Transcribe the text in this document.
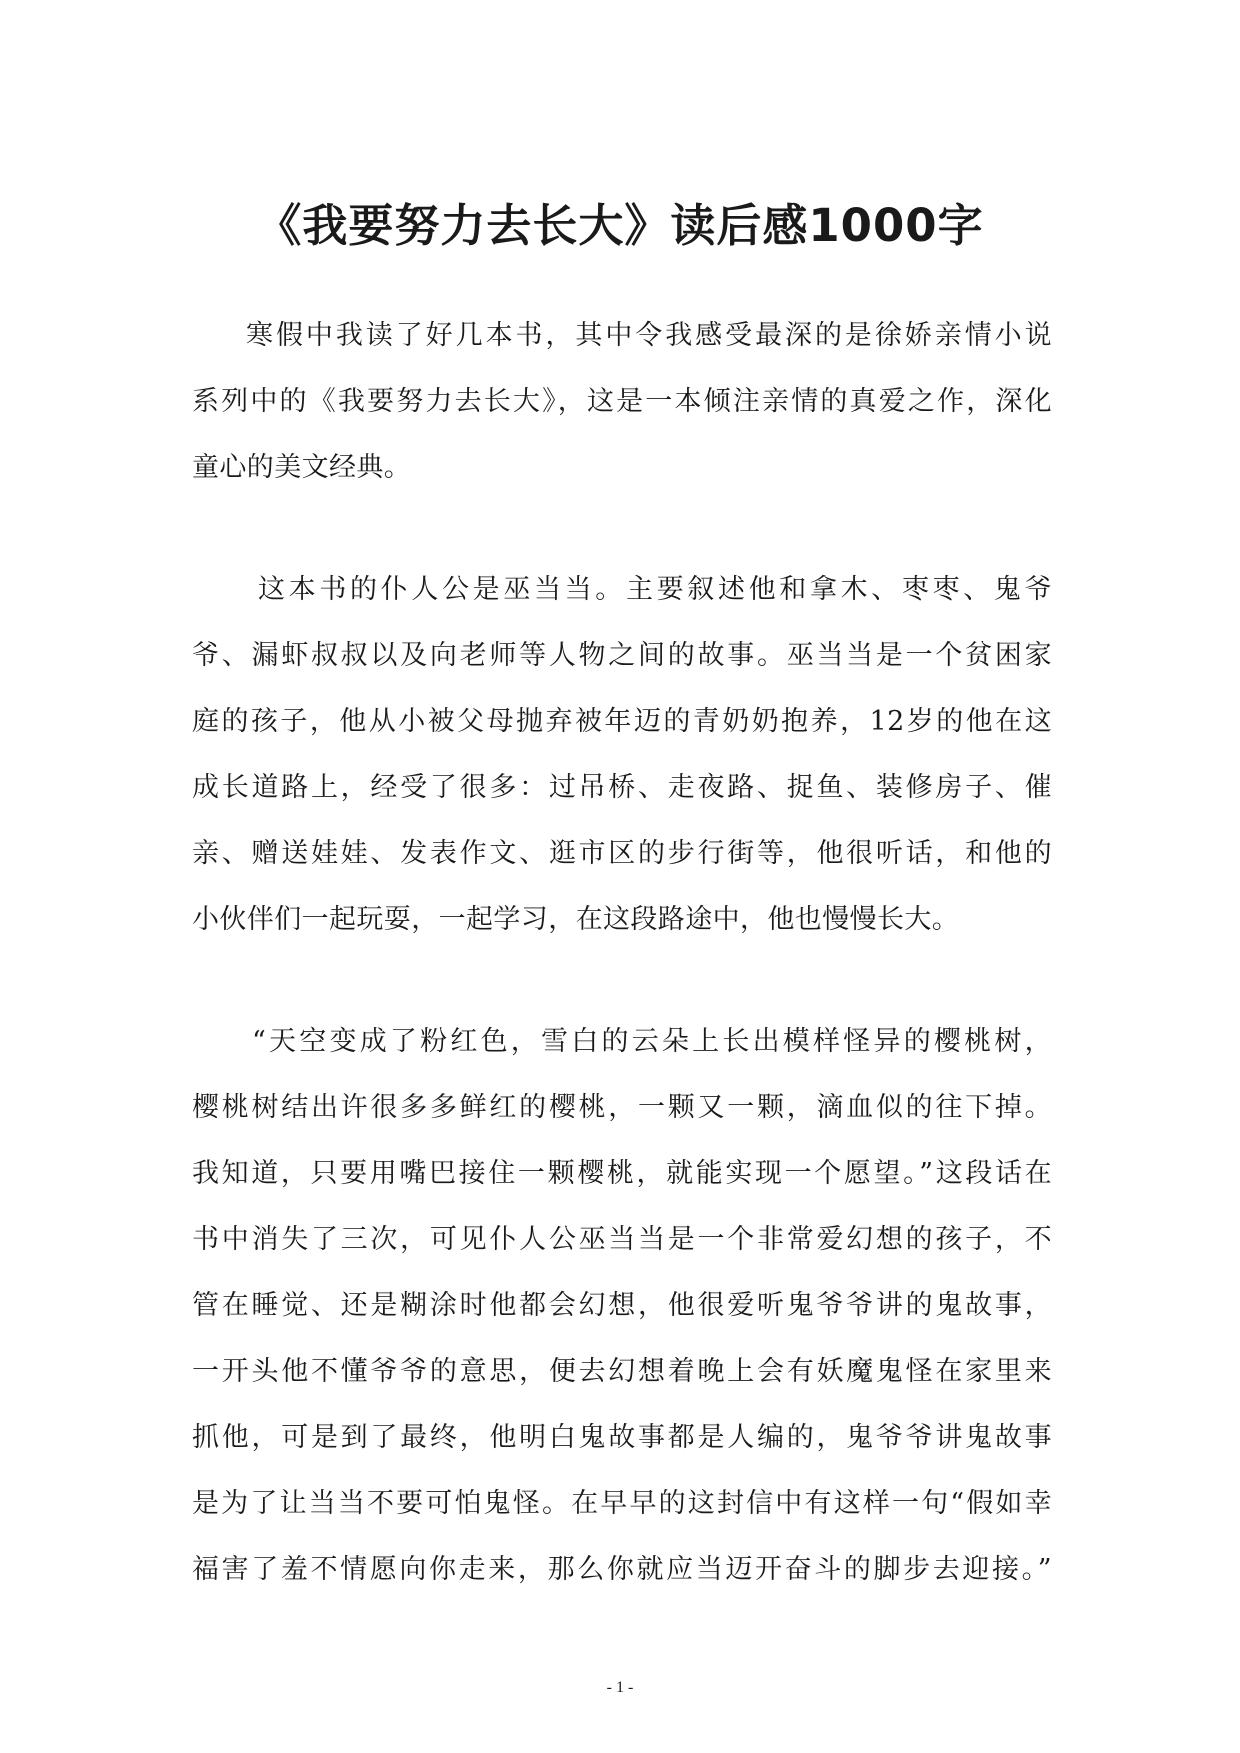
《我要努力去长大》读后感1000字

寒假中我读了好几本书，其中令我感受最深的是徐娇亲情小说
系列中的《我要努力去长大》，这是一本倾注亲情的真爱之作，深化
童心的美文经典。

这本书的仆人公是巫当当。主要叙述他和拿木、枣枣、鬼爷
爷、漏虾叔叔以及向老师等人物之间的故事。巫当当是一个贫困家
庭的孩子，他从小被父母抛弃被年迈的青奶奶抱养，12岁的他在这
成长道路上，经受了很多：过吊桥、走夜路、捉鱼、装修房子、催
亲、赠送娃娃、发表作文、逛市区的步行街等，他很听话，和他的
小伙伴们一起玩耍，一起学习，在这段路途中，他也慢慢长大。

“天空变成了粉红色，雪白的云朵上长出模样怪异的樱桃树，
樱桃树结出许很多多鲜红的樱桃，一颗又一颗，滴血似的往下掉。
我知道，只要用嘴巴接住一颗樱桃，就能实现一个愿望。”这段话在
书中消失了三次，可见仆人公巫当当是一个非常爱幻想的孩子，不
管在睡觉、还是糊涂时他都会幻想，他很爱听鬼爷爷讲的鬼故事，
一开头他不懂爷爷的意思，便去幻想着晚上会有妖魔鬼怪在家里来
抓他，可是到了最终，他明白鬼故事都是人编的，鬼爷爷讲鬼故事
是为了让当当不要可怕鬼怪。在早早的这封信中有这样一句“假如幸
福害了羞不情愿向你走来，那么你就应当迈开奋斗的脚步去迎接。”

- 1 -
